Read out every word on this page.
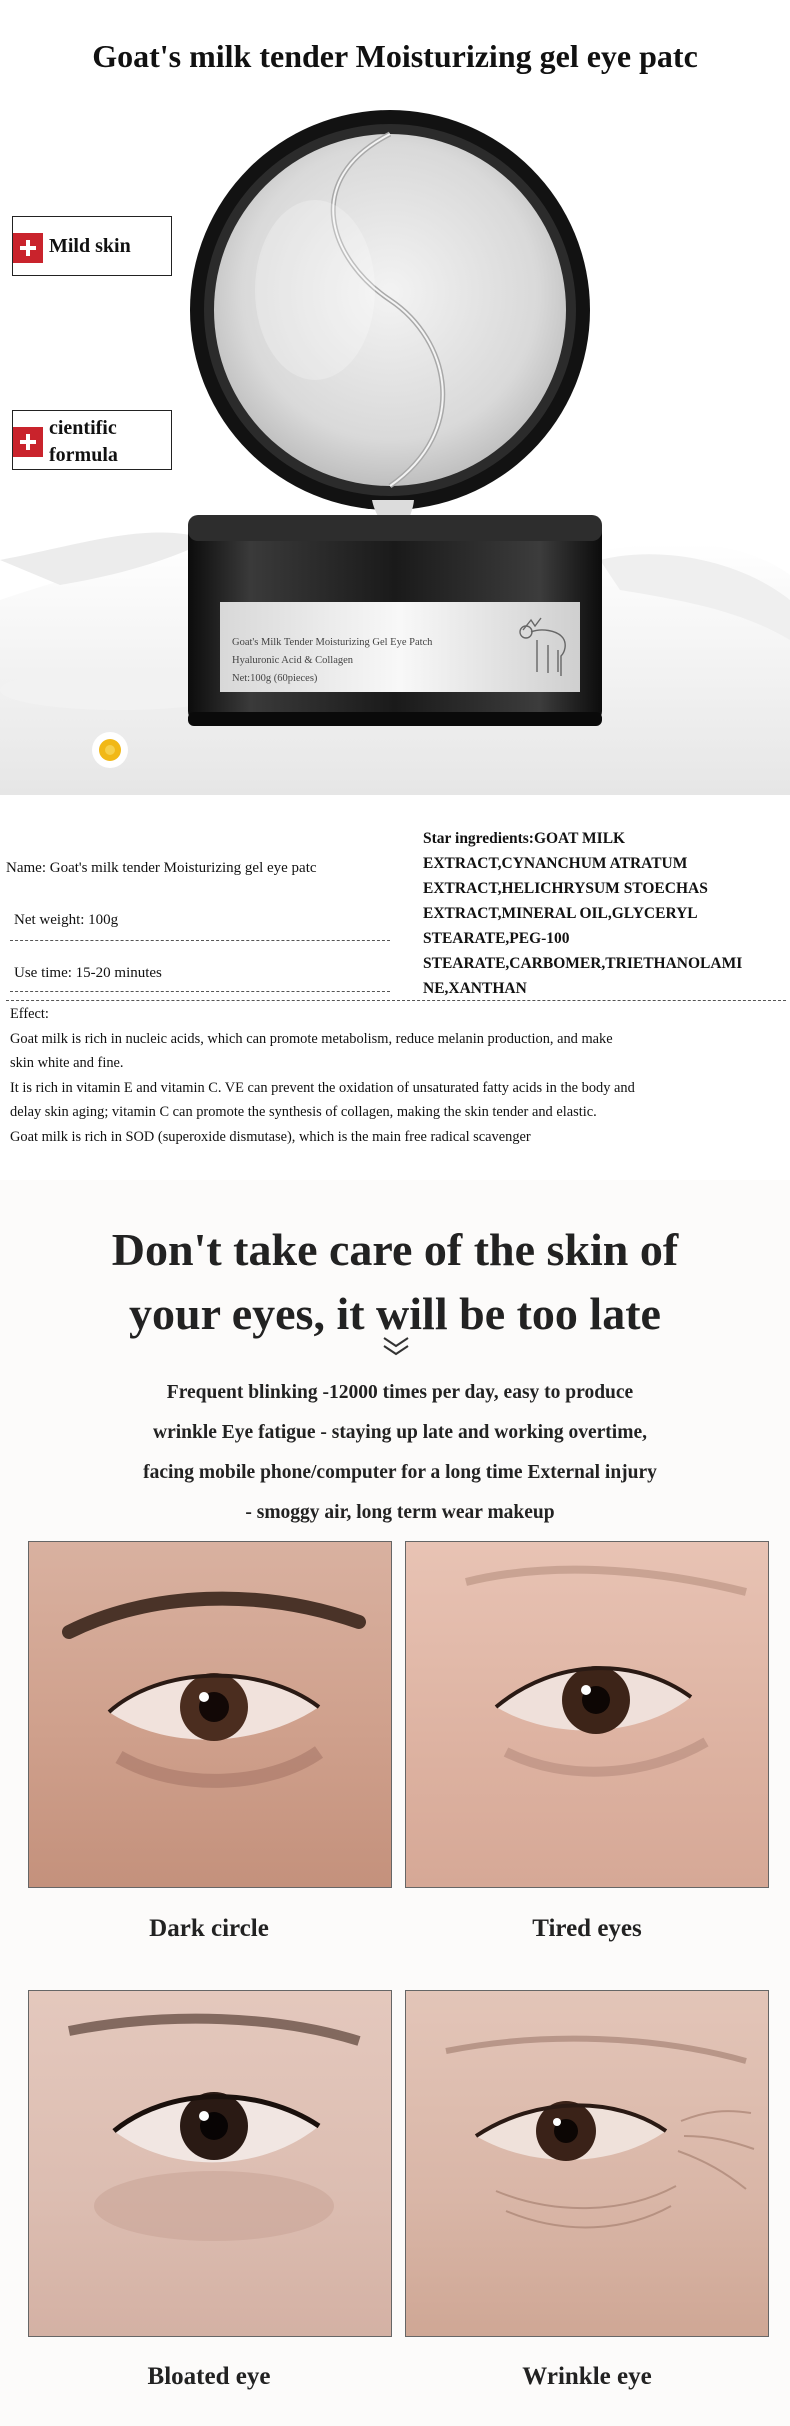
Goat's Milk Tender Moisturizing Gel Eye Patch
Hyaluronic Acid & Collagen
Net:100g (60pieces)
Goat's milk tender Moisturizing gel eye patc
Mild skin
cientific
formula
Name: Goat's milk tender Moisturizing gel eye patc
Net weight: 100g
Use time: 15-20 minutes
Star ingredients:GOAT MILK
EXTRACT,CYNANCHUM ATRATUM
EXTRACT,HELICHRYSUM STOECHAS
EXTRACT,MINERAL OIL,GLYCERYL
STEARATE,PEG-100
STEARATE,CARBOMER,TRIETHANOLAMI
NE,XANTHAN

Effect:

Goat milk is rich in nucleic acids, which can promote metabolism, reduce melanin production, and make

skin white and fine.

It is rich in vitamin E and vitamin C. VE can prevent the oxidation of unsaturated fatty acids in the body and

delay skin aging; vitamin C can promote the synthesis of collagen, making the skin tender and elastic.

Goat milk is rich in SOD (superoxide dismutase), which is the main free radical scavenger

Don't take care of the skin of
your eyes, it will be too late
Frequent blinking -12000 times per day, easy to produce
wrinkle Eye fatigue - staying up late and working overtime,
facing mobile phone/computer for a long time External injury
- smoggy air, long term wear makeup
Dark circle	Tired eyes
Bloated eye	Wrinkle eye
